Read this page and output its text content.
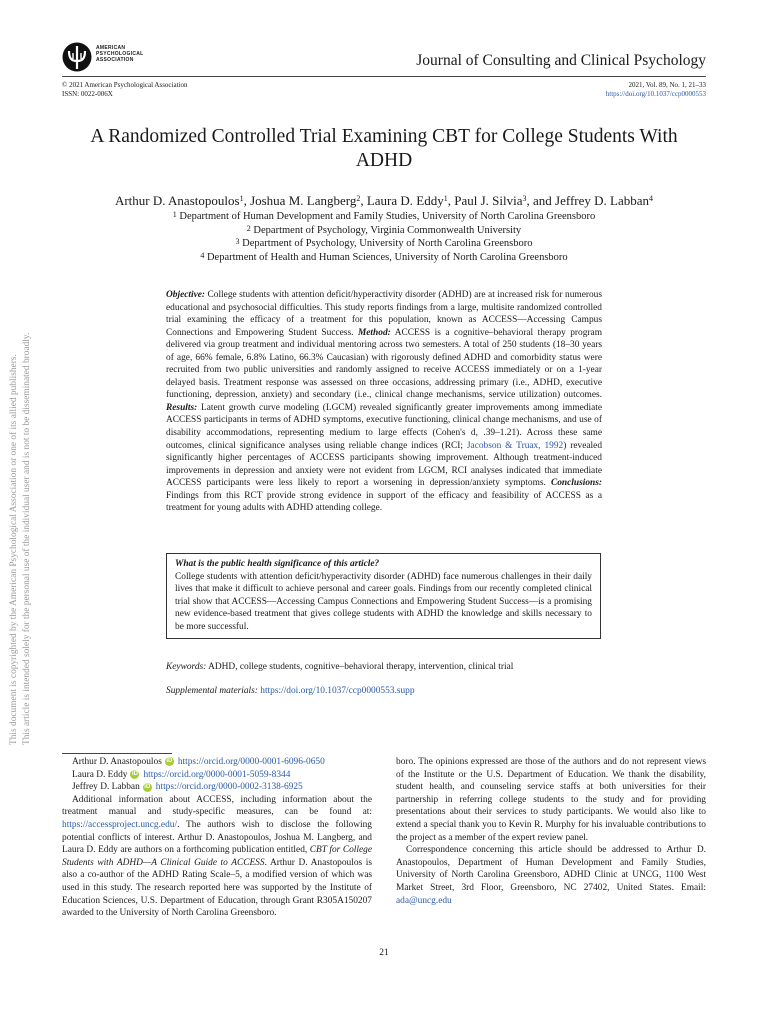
AMERICAN
PSYCHOLOGICAL
ASSOCIATION	Journal of Consulting and Clinical Psychology
© 2021 American Psychological Association
ISSN: 0022-006X
2021, Vol. 89, No. 1, 21–33
https://doi.org/10.1037/ccp0000553
This document is copyrighted by the American Psychological Association or one of its allied publishers. This article is intended solely for the personal use of the individual user and is not to be disseminated broadly.
A Randomized Controlled Trial Examining CBT for College Students With ADHD
Arthur D. Anastopoulos$^1$, Joshua M. Langberg$^2$, Laura D. Eddy$^1$, Paul J. Silvia$^3$, and Jeffrey D. Labban$^4$
$^1$ Department of Human Development and Family Studies, University of North Carolina Greensboro
$^2$ Department of Psychology, Virginia Commonwealth University
$^3$ Department of Psychology, University of North Carolina Greensboro
$^4$ Department of Health and Human Sciences, University of North Carolina Greensboro
Objective: College students with attention deficit/hyperactivity disorder (ADHD) are at increased risk for numerous educational and psychosocial difficulties. This study reports findings from a large, multisite randomized controlled trial examining the efficacy of a treatment for this population, known as ACCESS—Accessing Campus Connections and Empowering Student Success. Method: ACCESS is a cognitive–behavioral therapy program delivered via group treatment and individual mentoring across two semesters. A total of 250 students (18–30 years of age, 66% female, 6.8% Latino, 66.3% Caucasian) with rigorously defined ADHD and comorbidity status were recruited from two public universities and randomly assigned to receive ACCESS immediately or on a 1-year delayed basis. Treatment response was assessed on three occasions, addressing primary (i.e., ADHD, executive functioning, depression, anxiety) and secondary (i.e., clinical change mechanisms, service utilization) outcomes. Results: Latent growth curve modeling (LGCM) revealed significantly greater improvements among immediate ACCESS participants in terms of ADHD symptoms, executive functioning, clinical change mechanisms, and use of disability accommodations, representing medium to large effects (Cohen's d, .39–1.21). Across these same outcomes, clinical significance analyses using reliable change indices (RCI; Jacobson & Truax, 1992) revealed significantly higher percentages of ACCESS participants showing improvement. Although treatment-induced improvements in depression and anxiety were not evident from LGCM, RCI analyses indicated that immediate ACCESS participants were less likely to report a worsening in depression/anxiety symptoms. Conclusions: Findings from this RCT provide strong evidence in support of the efficacy and feasibility of ACCESS as a treatment for young adults with ADHD attending college.
What is the public health significance of this article?
College students with attention deficit/hyperactivity disorder (ADHD) face numerous challenges in their daily lives that make it difficult to achieve personal and career goals. Findings from our recently completed clinical trial show that ACCESS—Accessing Campus Connections and Empowering Student Success—is a promising new evidence-based treatment that gives college students with ADHD the knowledge and skills necessary to be more successful.
Keywords: ADHD, college students, cognitive–behavioral therapy, intervention, clinical trial
Supplemental materials: https://doi.org/10.1037/ccp0000553.supp
Arthur D. Anastopoulos iD https://orcid.org/0000-0001-6096-0650
Laura D. Eddy iD https://orcid.org/0000-0001-5059-8344
Jeffrey D. Labban iD https://orcid.org/0000-0002-3138-6925

Additional information about ACCESS, including information about the treatment manual and study-specific measures, can be found at: https://accessproject.uncg.edu/. The authors wish to disclose the following potential conflicts of interest. Arthur D. Anastopoulos, Joshua M. Langberg, and Laura D. Eddy are authors on a forthcoming publication entitled, CBT for College Students with ADHD—A Clinical Guide to ACCESS. Arthur D. Anastopoulos is also a co-author of the ADHD Rating Scale–5, a modified version of which was used in this study. The research reported here was supported by the Institute of Education Sciences, U.S. Department of Education, through Grant R305A150207 awarded to the University of North Carolina Greensboro.

boro. The opinions expressed are those of the authors and do not represent views of the Institute or the U.S. Department of Education. We thank the disability, student health, and counseling service staffs at both universities for their partnership in referring college students to the study and for providing presentations about their services to study participants. We would also like to extend a special thank you to Kevin R. Murphy for his invaluable contributions to the project as a member of the expert review panel.

Correspondence concerning this article should be addressed to Arthur D. Anastopoulos, Department of Human Development and Family Studies, University of North Carolina Greensboro, ADHD Clinic at UNCG, 1100 West Market Street, 3rd Floor, Greensboro, NC 27402, United States. Email: ada@uncg.edu

21
